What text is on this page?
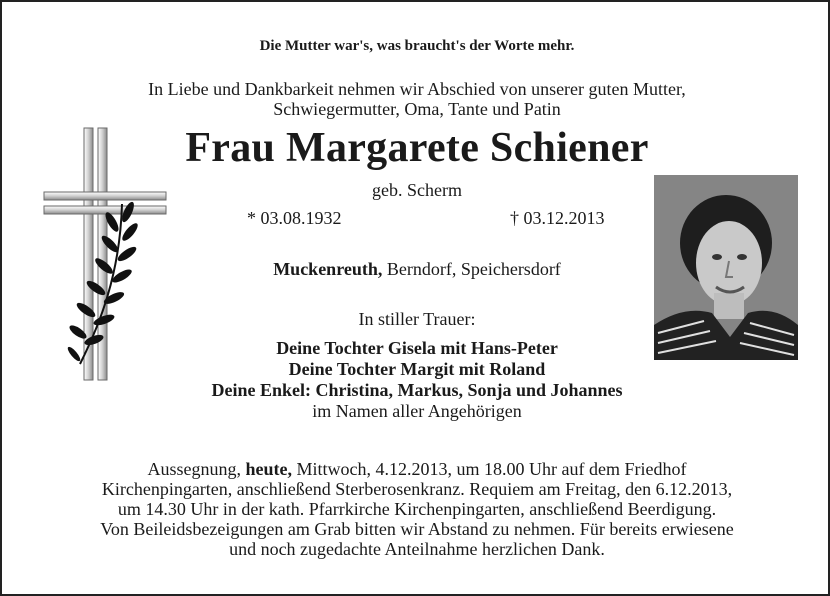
Die Mutter war's, was braucht's der Worte mehr.
In Liebe und Dankbarkeit nehmen wir Abschied von unserer guten Mutter,
Schwiegermutter, Oma, Tante und Patin
Frau Margarete Schiener
geb. Scherm
* 03.08.1932	† 03.12.2013
Muckenreuth, Berndorf, Speichersdorf
In stiller Trauer:
Deine Tochter Gisela mit Hans-Peter
Deine Tochter Margit mit Roland
Deine Enkel: Christina, Markus, Sonja und Johannes
im Namen aller Angehörigen
Aussegnung, heute, Mittwoch, 4.12.2013, um 18.00 Uhr auf dem Friedhof
Kirchenpingarten, anschließend Sterberosenkranz. Requiem am Freitag, den 6.12.2013,
um 14.30 Uhr in der kath. Pfarrkirche Kirchenpingarten, anschließend Beerdigung.
Von Beileidsbezeigungen am Grab bitten wir Abstand zu nehmen. Für bereits erwiesene
und noch zugedachte Anteilnahme herzlichen Dank.
